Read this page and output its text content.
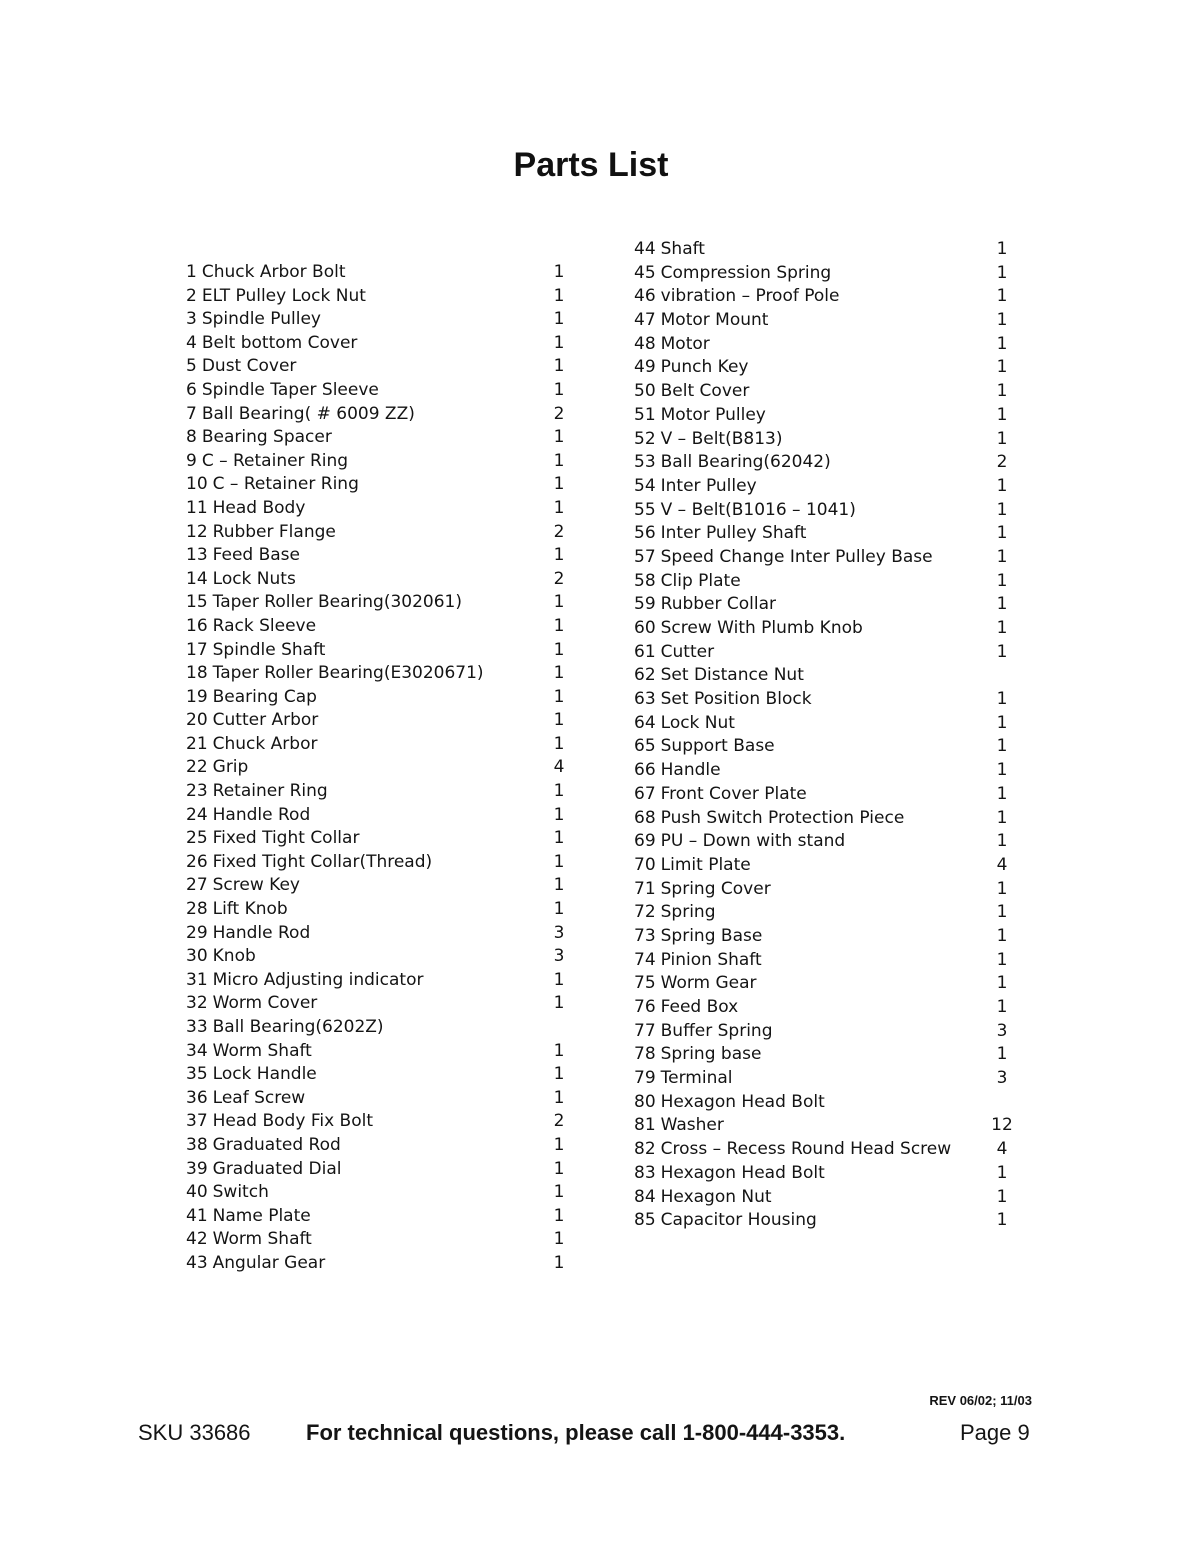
Parts List
1 Chuck Arbor Bolt	1
2 ELT Pulley Lock Nut	1
3 Spindle Pulley	1
4 Belt bottom Cover	1
5 Dust Cover	1
6 Spindle Taper Sleeve	1
7 Ball Bearing( # 6009 ZZ)	2
8 Bearing Spacer	1
9 C – Retainer Ring	1
10 C – Retainer Ring	1
11 Head Body	1
12 Rubber Flange	2
13 Feed Base	1
14 Lock Nuts	2
15 Taper Roller Bearing(302061)	1
16 Rack Sleeve	1
17 Spindle Shaft	1
18 Taper Roller Bearing(E3020671)	1
19 Bearing Cap	1
20 Cutter Arbor	1
21 Chuck Arbor	1
22 Grip	4
23 Retainer Ring	1
24 Handle Rod	1
25 Fixed Tight Collar	1
26 Fixed Tight Collar(Thread)	1
27 Screw Key	1
28 Lift Knob	1
29 Handle Rod	3
30 Knob	3
31 Micro Adjusting indicator	1
32 Worm Cover	1
33 Ball Bearing(6202Z)
34 Worm Shaft	1
35 Lock Handle	1
36 Leaf Screw	1
37 Head Body Fix Bolt	2
38 Graduated Rod	1
39 Graduated Dial	1
40 Switch	1
41 Name Plate	1
42 Worm Shaft	1
43 Angular Gear	1
44 Shaft	1
45 Compression Spring	1
46 vibration – Proof Pole	1
47 Motor Mount	1
48 Motor	1
49 Punch Key	1
50 Belt Cover	1
51 Motor Pulley	1
52 V – Belt(B813)	1
53 Ball Bearing(62042)	2
54 Inter Pulley	1
55 V – Belt(B1016 – 1041)	1
56 Inter Pulley Shaft	1
57 Speed Change Inter Pulley Base	1
58 Clip Plate	1
59 Rubber Collar	1
60 Screw With Plumb Knob	1
61 Cutter	1
62 Set Distance Nut
63 Set Position Block	1
64 Lock Nut	1
65 Support Base	1
66 Handle	1
67 Front Cover Plate	1
68 Push Switch Protection Piece	1
69 PU – Down with stand	1
70 Limit Plate	4
71 Spring Cover	1
72 Spring	1
73 Spring Base	1
74 Pinion Shaft	1
75 Worm Gear	1
76 Feed Box	1
77 Buffer Spring	3
78 Spring base	1
79 Terminal	3
80 Hexagon Head Bolt
81 Washer	12
82 Cross – Recess Round Head Screw	4
83 Hexagon Head Bolt	1
84 Hexagon Nut	1
85 Capacitor Housing	1
REV 06/02; 11/03
SKU 33686	For technical questions, please call 1-800-444-3353.	Page 9
